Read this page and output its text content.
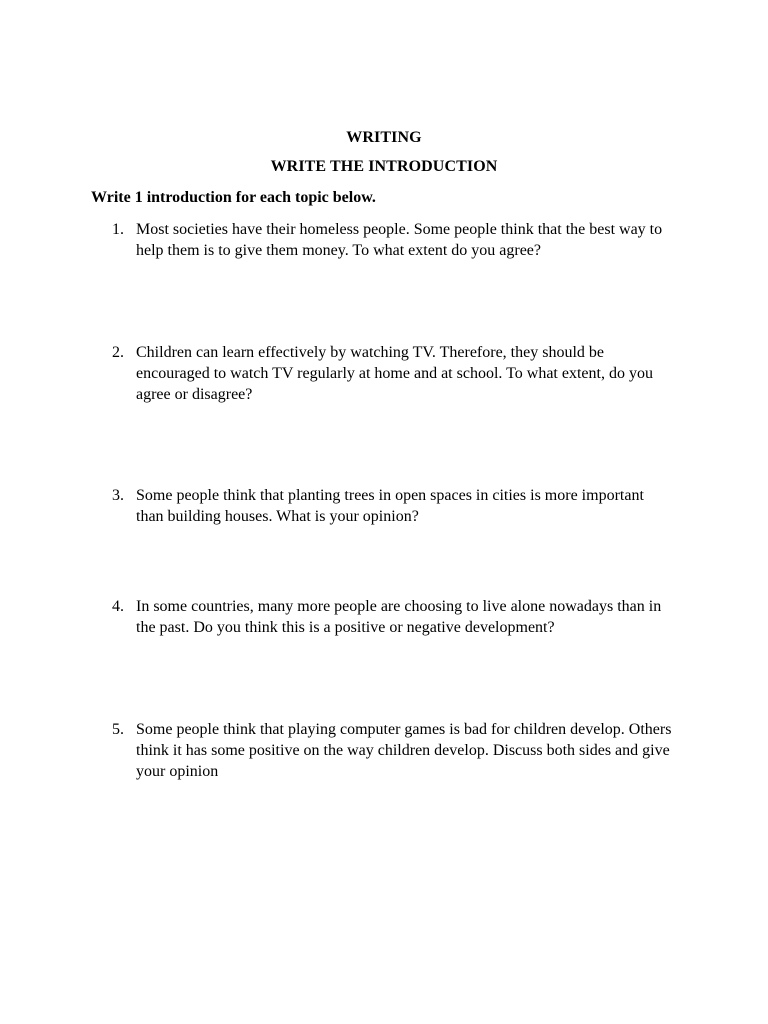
WRITING
WRITE THE INTRODUCTION
Write 1 introduction for each topic below.
1. Most societies have their homeless people. Some people think that the best way to help them is to give them money. To what extent do you agree?
2. Children can learn effectively by watching TV. Therefore, they should be encouraged to watch TV regularly at home and at school. To what extent, do you agree or disagree?
3. Some people think that planting trees in open spaces in cities is more important than building houses. What is your opinion?
4. In some countries, many more people are choosing to live alone nowadays than in the past. Do you think this is a positive or negative development?
5. Some people think that playing computer games is bad for children develop. Others think it has some positive on the way children develop. Discuss both sides and give your opinion
